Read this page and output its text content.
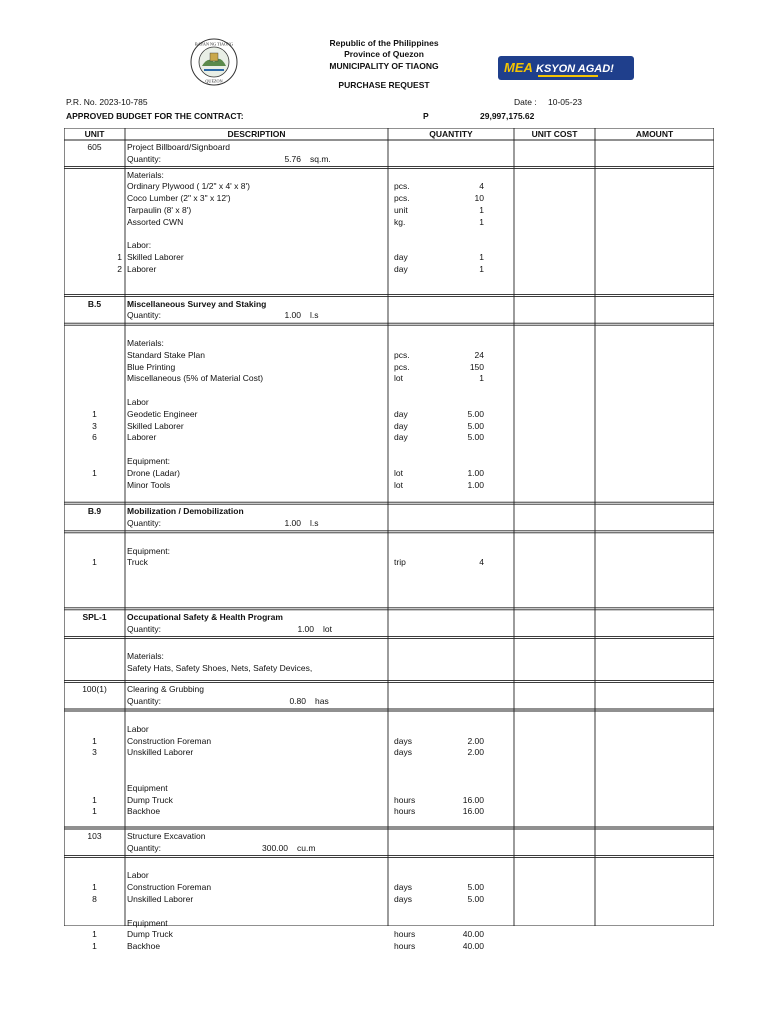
Republic of the Philippines
Province of Quezon
MUNICIPALITY OF TIAONG
PURCHASE REQUEST
BAYAN NG TIAONG
QUEZON
MEA KSYON AGAD!
P.R. No. 2023-10-785	Date : 10-05-23
APPROVED BUDGET FOR THE CONTRACT:	P	29,997,175.62
UNIT	DESCRIPTION	QUANTITY	UNIT COST	AMOUNT
605	Project Billboard/Signboard
Quantity:	5.76 sq.m.
Materials:
Ordinary Plywood ( 1/2" x 4' x 8')	pcs.	4
Coco Lumber (2" x 3" x 12')	pcs.	10
Tarpaulin (8' x 8')	unit	1
Assorted CWN	kg.	1
Labor:
1 Skilled Laborer	day	1
2 Laborer	day	1
B.5	Miscellaneous Survey and Staking
Quantity:	1.00 l.s
Materials:
Standard Stake Plan	pcs.	24
Blue Printing	pcs.	150
Miscellaneous (5% of Material Cost)	lot	1
Labor
1	Geodetic Engineer	day	5.00
3	Skilled Laborer	day	5.00
6	Laborer	day	5.00
Equipment:
1	Drone (Ladar)	lot	1.00
Minor Tools	lot	1.00
B.9	Mobilization / Demobilization
Quantity:	1.00 l.s
Equipment:
1	Truck	trip	4
SPL-1	Occupational Safety & Health Program
Quantity:	1.00 lot
Materials:
Safety Hats, Safety Shoes, Nets, Safety Devices,
100(1)	Clearing & Grubbing
Quantity:	0.80 has
Labor
1	Construction Foreman	days	2.00
3	Unskilled Laborer	days	2.00
Equipment
1	Dump Truck	hours	16.00
1	Backhoe	hours	16.00
103	Structure Excavation
Quantity:	300.00 cu.m
Labor
1	Construction Foreman	days	5.00
8	Unskilled Laborer	days	5.00
Equipment
1	Dump Truck	hours	40.00
1	Backhoe	hours	40.00
